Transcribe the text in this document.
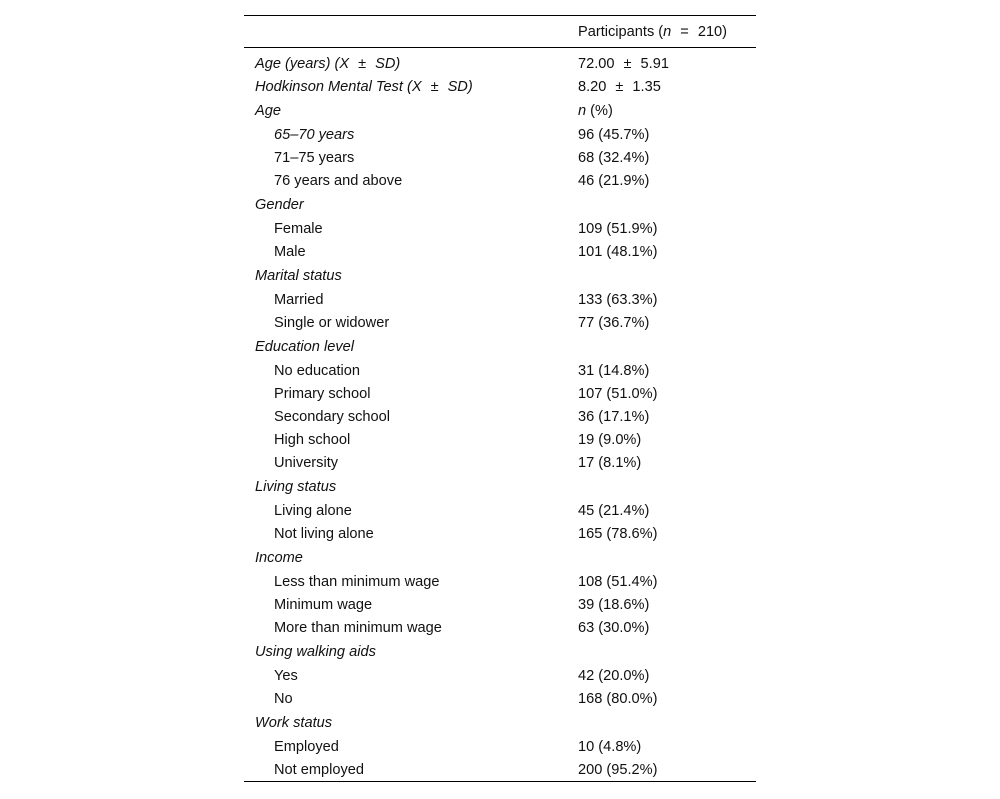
	Participants (n = 210)
Age (years) (X ± SD)	72.00 ± 5.91
Hodkinson Mental Test (X ± SD)	8.20 ± 1.35
Age	n (%)
65–70 years	96 (45.7%)
71–75 years	68 (32.4%)
76 years and above	46 (21.9%)
Gender	
Female	109 (51.9%)
Male	101 (48.1%)
Marital status	
Married	133 (63.3%)
Single or widower	77 (36.7%)
Education level	
No education	31 (14.8%)
Primary school	107 (51.0%)
Secondary school	36 (17.1%)
High school	19 (9.0%)
University	17 (8.1%)
Living status	
Living alone	45 (21.4%)
Not living alone	165 (78.6%)
Income	
Less than minimum wage	108 (51.4%)
Minimum wage	39 (18.6%)
More than minimum wage	63 (30.0%)
Using walking aids	
Yes	42 (20.0%)
No	168 (80.0%)
Work status	
Employed	10 (4.8%)
Not employed	200 (95.2%)
